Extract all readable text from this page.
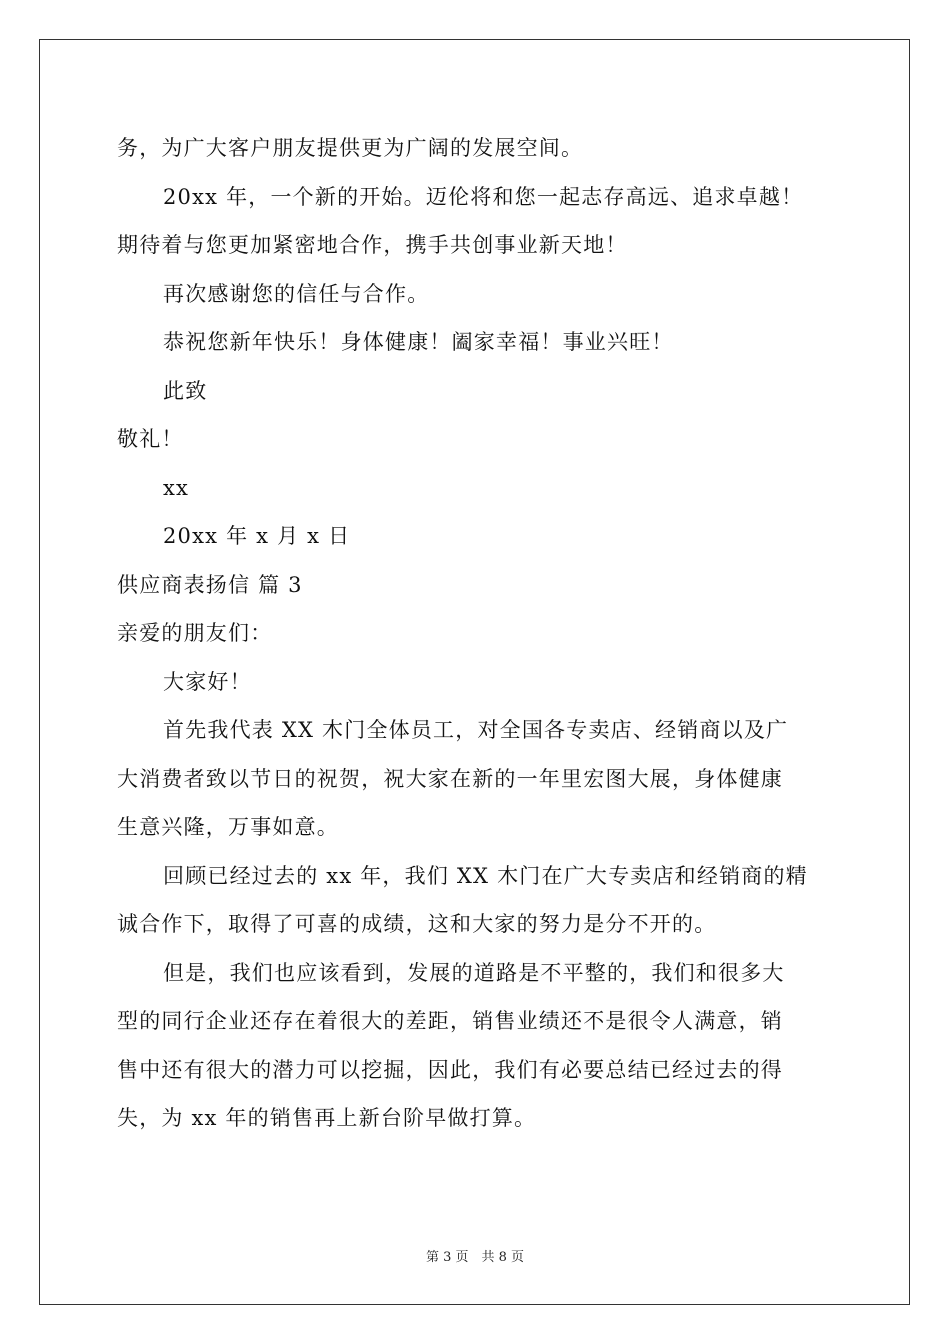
务，为广大客户朋友提供更为广阔的发展空间。
20xx 年，一个新的开始。迈伦将和您一起志存高远、追求卓越！
期待着与您更加紧密地合作，携手共创事业新天地！
再次感谢您的信任与合作。
恭祝您新年快乐！身体健康！阖家幸福！事业兴旺！
此致
敬礼！
xx
20xx 年 x 月 x 日
供应商表扬信 篇 3
亲爱的朋友们：
大家好！
首先我代表 XX 木门全体员工，对全国各专卖店、经销商以及广
大消费者致以节日的祝贺，祝大家在新的一年里宏图大展，身体健康
生意兴隆，万事如意。
回顾已经过去的 xx 年，我们 XX 木门在广大专卖店和经销商的精
诚合作下，取得了可喜的成绩，这和大家的努力是分不开的。
但是，我们也应该看到，发展的道路是不平整的，我们和很多大
型的同行企业还存在着很大的差距，销售业绩还不是很令人满意，销
售中还有很大的潜力可以挖掘，因此，我们有必要总结已经过去的得
失，为 xx 年的销售再上新台阶早做打算。
第 3 页　共 8 页
